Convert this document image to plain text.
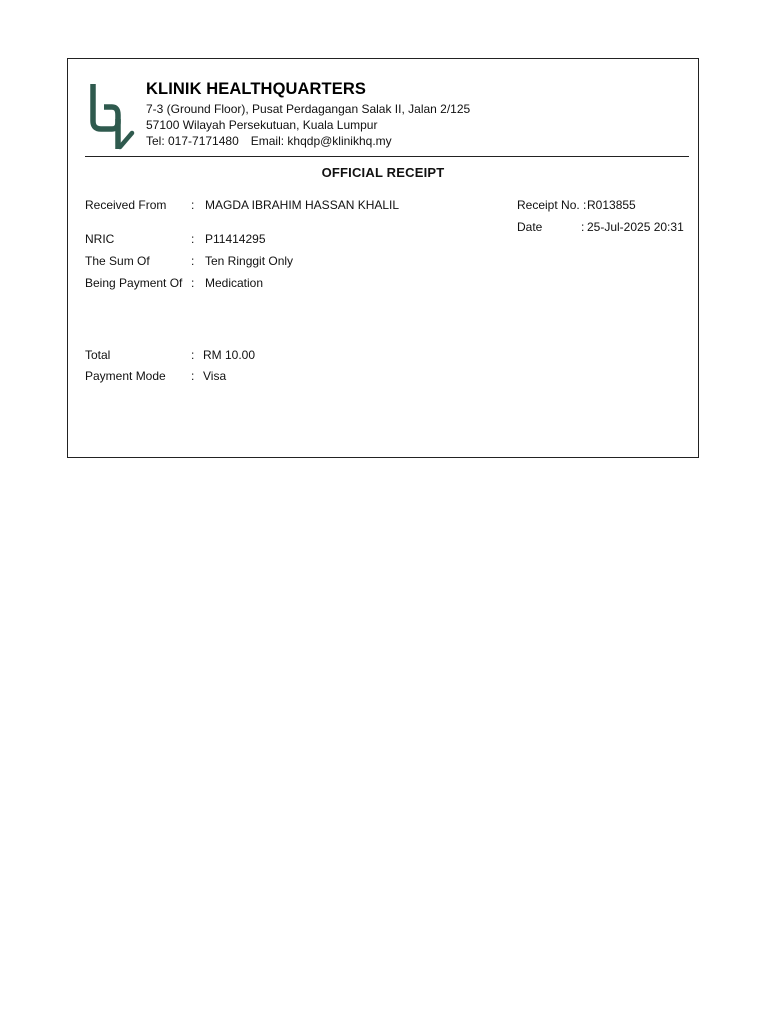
KLINIK HEALTHQUARTERS
7-3 (Ground Floor), Pusat Perdagangan Salak II, Jalan 2/125
57100 Wilayah Persekutuan, Kuala Lumpur
Tel: 017-7171480 Email: khqdp@klinikhq.my
OFFICIAL RECEIPT
Received From : MAGDA IBRAHIM HASSAN KHALIL
NRIC	: P11414295
The Sum Of	: Ten Ringgit Only
Being Payment Of : Medication
Total	: RM 10.00
Payment Mode : Visa
Receipt No. : R013855
Date	: 25-Jul-2025 20:31
